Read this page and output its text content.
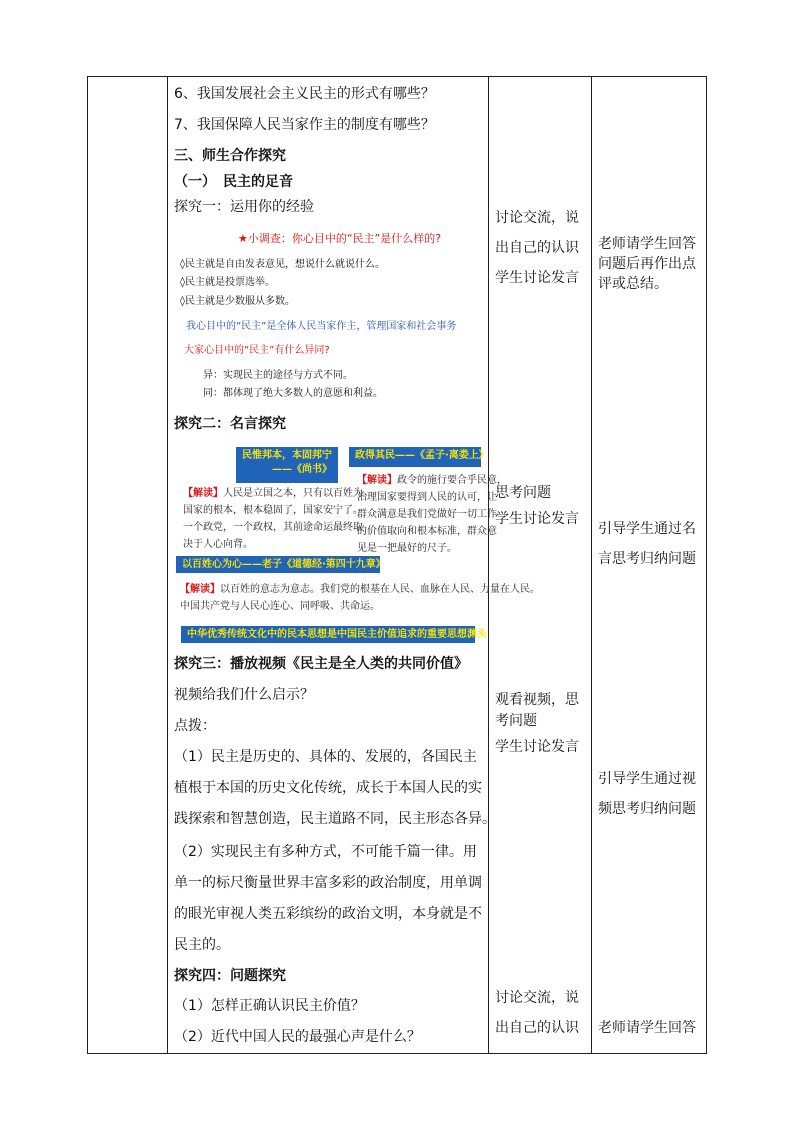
6、我国发展社会主义民主的形式有哪些？
7、我国保障人民当家作主的制度有哪些？
三、师生合作探究
（一）　民主的足音
探究一：运用你的经验
★小调查：你心目中的“民主”是什么样的?
◊民主就是自由发表意见，想说什么就说什么。
◊民主就是投票选举。
◊民主就是少数服从多数。
我心目中的“民主”是全体人民当家作主，管理国家和社会事务
大家心目中的“民主”有什么异同?
异：实现民主的途径与方式不同。
同：都体现了绝大多数人的意愿和利益。
探究二：名言探究
民惟邦本，本固邦宁
——《尚书》
政得其民——《孟子·离娄上》
【解读】人民是立国之本，只有以百姓为
国家的根本，根本稳固了，国家安宁了。
一个政党，一个政权，其前途命运最终取
决于人心向背。
【解读】政令的施行要合乎民意，
治理国家要得到人民的认可，让
群众满意是我们党做好一切工作
的价值取向和根本标准，群众意
见是一把最好的尺子。
以百姓心为心——老子《道德经·第四十九章》
【解读】以百姓的意志为意志。我们党的根基在人民、血脉在人民、力量在人民。
中国共产党与人民心连心、同呼吸、共命运。
中华优秀传统文化中的民本思想是中国民主价值追求的重要思想渊头
探究三：播放视频《民主是全人类的共同价值》
视频给我们什么启示？
点拨：
（1）民主是历史的、具体的、发展的，各国民主
植根于本国的历史文化传统，成长于本国人民的实
践探索和智慧创造，民主道路不同，民主形态各异。
（2）实现民主有多种方式，不可能千篇一律。用
单一的标尺衡量世界丰富多彩的政治制度，用单调
的眼光审视人类五彩缤纷的政治文明，本身就是不
民主的。
探究四：问题探究
（1）怎样正确认识民主价值？
（2）近代中国人民的最强心声是什么？
讨论交流，说
出自己的认识
学生讨论发言
思考问题
学生讨论发言
观看视频，思
考问题
学生讨论发言
讨论交流，说
出自己的认识
老师请学生回答
问题后再作出点
评或总结。
引导学生通过名
言思考归纳问题
引导学生通过视
频思考归纳问题
老师请学生回答
